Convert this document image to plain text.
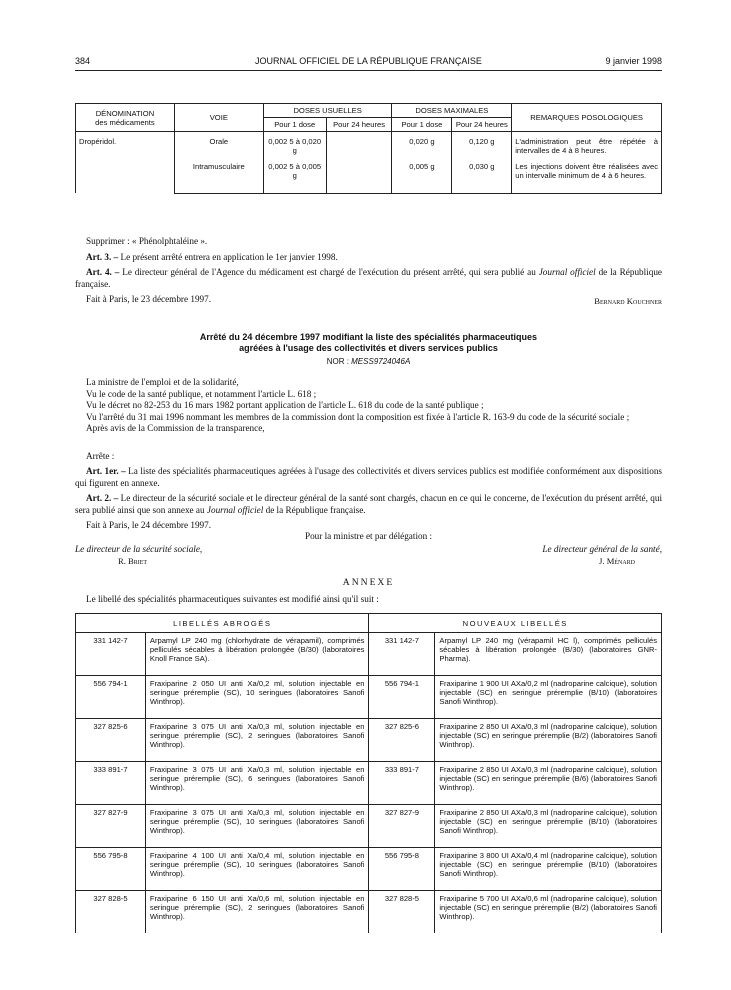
384	JOURNAL OFFICIEL DE LA RÉPUBLIQUE FRANÇAISE	9 janvier 1998
DÉNOMINATION
des médicaments	VOIE	DOSES USUELLES		DOSES MAXIMALES		REMARQUES POSOLOGIQUES
		Pour 1 dose	Pour 24 heures	Pour 1 dose	Pour 24 heures	
Dropéridol.	Orale	0,002 5 à 0,020 g		0,020 g	0,120 g	L'administration peut être répétée à intervalles de 4 à 8 heures.
	Intramusculaire	0,002 5 à 0,005 g		0,005 g	0,030 g	Les injections doivent être réalisées avec un intervalle minimum de 4 à 6 heures.

Supprimer : « Phénolphtaléine ».

Art. 3. – Le présent arrêté entrera en application le 1er janvier 1998.

Art. 4. – Le directeur général de l'Agence du médicament est chargé de l'exécution du présent arrêté, qui sera publié au Journal officiel de la République française.

Fait à Paris, le 23 décembre 1997.	Bernard Kouchner
Arrêté du 24 décembre 1997 modifiant la liste des spécialités pharmaceutiques
agréées à l'usage des collectivités et divers services publics
NOR : MESS9724046A

La ministre de l'emploi et de la solidarité,

Vu le code de la santé publique, et notamment l'article L. 618 ;

Vu le décret no 82-253 du 16 mars 1982 portant application de l'article L. 618 du code de la santé publique ;

Vu l'arrêté du 31 mai 1996 nommant les membres de la commission dont la composition est fixée à l'article R. 163-9 du code de la sécurité sociale ;

Après avis de la Commission de la transparence,

Arrête :

Art. 1er. – La liste des spécialités pharmaceutiques agréées à l'usage des collectivités et divers services publics est modifiée conformément aux dispositions qui figurent en annexe.

Art. 2. – Le directeur de la sécurité sociale et le directeur général de la santé sont chargés, chacun en ce qui le concerne, de l'exécution du présent arrêté, qui sera publié ainsi que son annexe au Journal officiel de la République française.

Fait à Paris, le 24 décembre 1997.

Pour la ministre et par délégation :
Le directeur de la sécurité sociale,
R. Briet
Le directeur général de la santé,
J. Ménard
ANNEXE

Le libellé des spécialités pharmaceutiques suivantes est modifié ainsi qu'il suit :

LIBELLÉS ABROGÉS		NOUVEAUX LIBELLÉS	
331 142-7	Arpamyl LP 240 mg (chlorhydrate de vérapamil), comprimés pelliculés sécables à libération prolongée (B/30) (laboratoires Knoll France SA).	331 142-7	Arpamyl LP 240 mg (vérapamil HC l), comprimés pelliculés sécables à libération prolongée (B/30) (laboratoires GNR-Pharma).
556 794-1	Fraxiparine 2 050 UI anti Xa/0,2 ml, solution injectable en seringue préremplie (SC), 10 seringues (laboratoires Sanofi Winthrop).	556 794-1	Fraxiparine 1 900 UI AXa/0,2 ml (nadroparine calcique), solution injectable (SC) en seringue préremplie (B/10) (laboratoires Sanofi Winthrop).
327 825-6	Fraxiparine 3 075 UI anti Xa/0,3 ml, solution injectable en seringue préremplie (SC), 2 seringues (laboratoires Sanofi Winthrop).	327 825-6	Fraxiparine 2 850 UI AXa/0,3 ml (nadroparine calcique), solution injectable (SC) en seringue préremplie (B/2) (laboratoires Sanofi Winthrop).
333 891-7	Fraxiparine 3 075 UI anti Xa/0,3 ml, solution injectable en seringue préremplie (SC), 6 seringues (laboratoires Sanofi Winthrop).	333 891-7	Fraxiparine 2 850 UI AXa/0,3 ml (nadroparine calcique), solution injectable (SC) en seringue préremplie (B/6) (laboratoires Sanofi Winthrop).
327 827-9	Fraxiparine 3 075 UI anti Xa/0,3 ml, solution injectable en seringue préremplie (SC), 10 seringues (laboratoires Sanofi Winthrop).	327 827-9	Fraxiparine 2 850 UI AXa/0,3 ml (nadroparine calcique), solution injectable (SC) en seringue préremplie (B/10) (laboratoires Sanofi Winthrop).
556 795-8	Fraxiparine 4 100 UI anti Xa/0,4 ml, solution injectable en seringue préremplie (SC), 10 seringues (laboratoires Sanofi Winthrop).	556 795-8	Fraxiparine 3 800 UI AXa/0,4 ml (nadroparine calcique), solution injectable (SC) en seringue préremplie (B/10) (laboratoires Sanofi Winthrop).
327 828-5	Fraxiparine 6 150 UI anti Xa/0,6 ml, solution injectable en seringue préremplie (SC), 2 seringues (laboratoires Sanofi Winthrop).	327 828-5	Fraxiparine 5 700 UI AXa/0,6 ml (nadroparine calcique), solution injectable (SC) en seringue préremplie (B/2) (laboratoires Sanofi Winthrop).
